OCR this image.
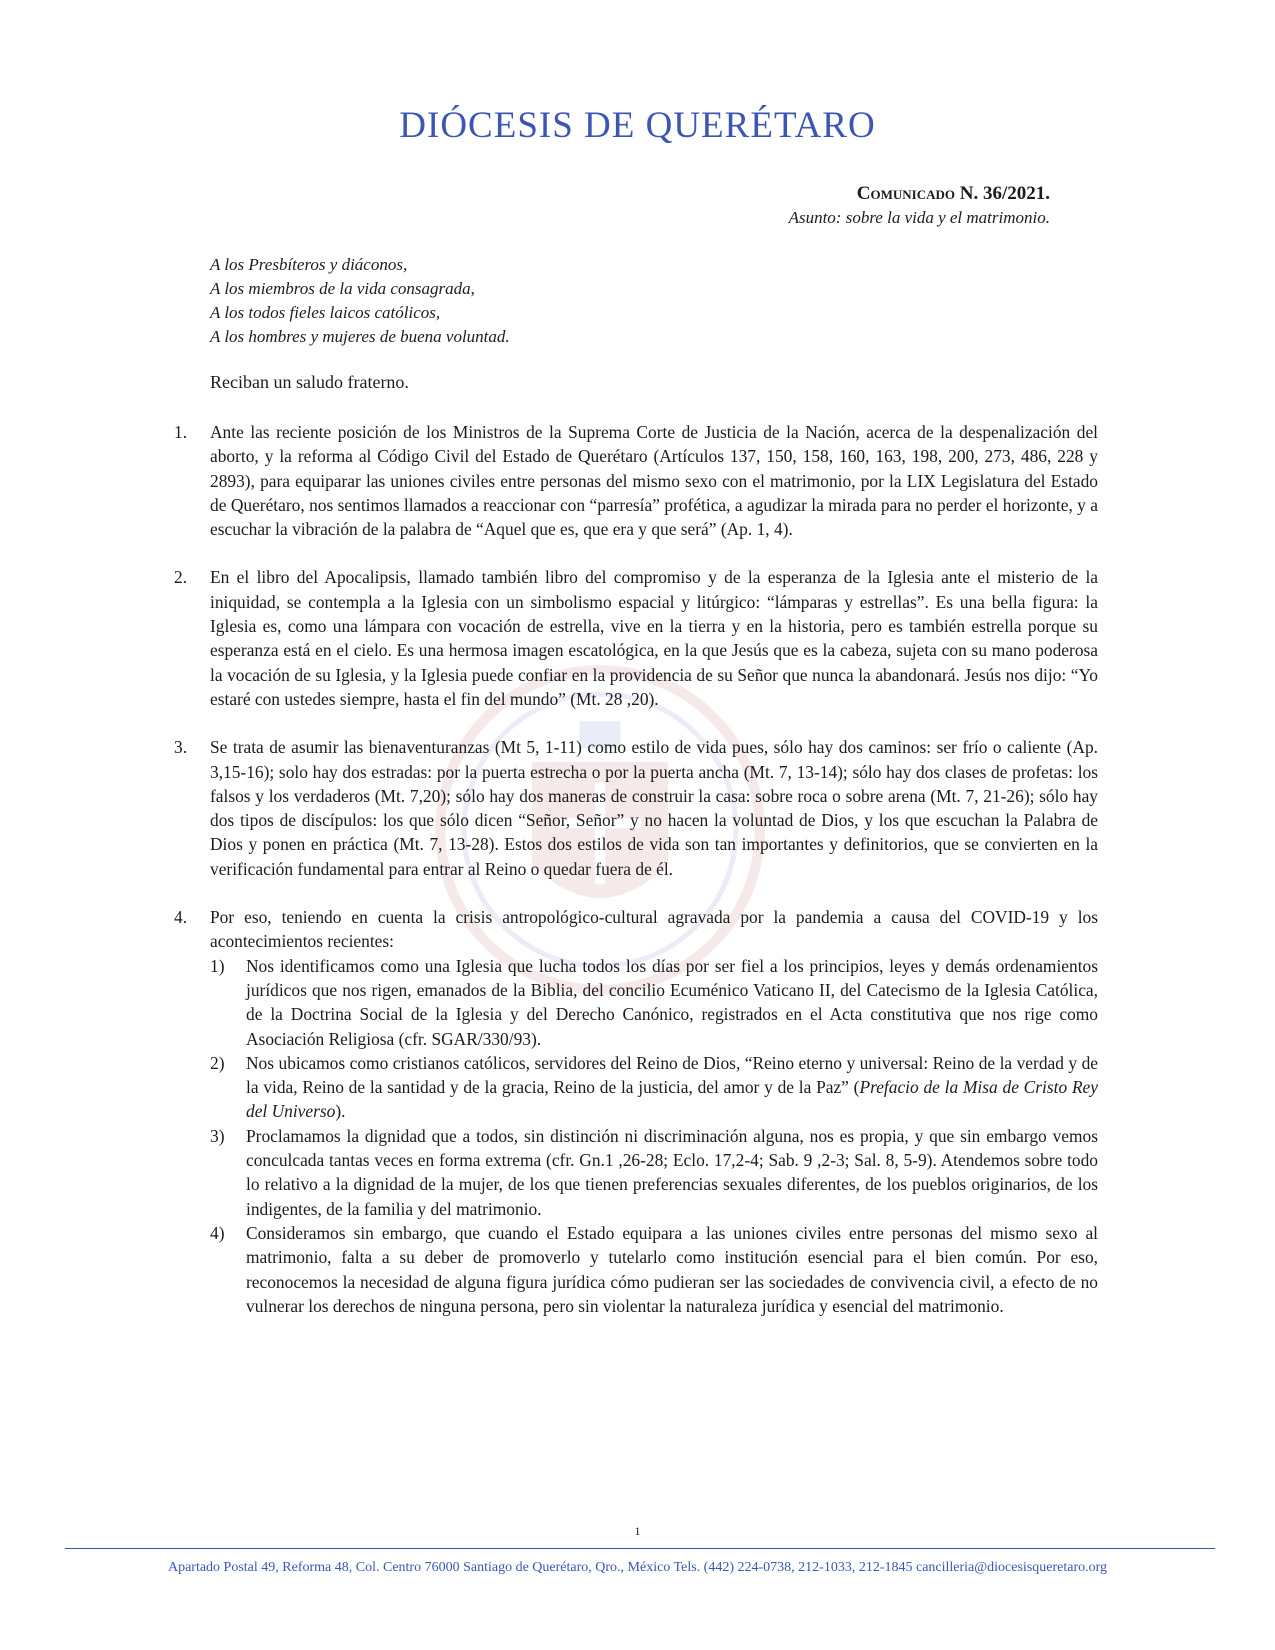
DIÓCESIS DE QUERÉTARO
Comunicado N. 36/2021.
Asunto: sobre la vida y el matrimonio.
A los Presbíteros y diáconos,
A los miembros de la vida consagrada,
A los todos fieles laicos católicos,
A los hombres y mujeres de buena voluntad.
Reciban un saludo fraterno.
1.	Ante las reciente posición de los Ministros de la Suprema Corte de Justicia de la Nación, acerca de la despenalización del aborto, y la reforma al Código Civil del Estado de Querétaro (Artículos 137, 150, 158, 160, 163, 198, 200, 273, 486, 228 y 2893), para equiparar las uniones civiles entre personas del mismo sexo con el matrimonio, por la LIX Legislatura del Estado de Querétaro, nos sentimos llamados a reaccionar con “parresía” profética, a agudizar la mirada para no perder el horizonte, y a escuchar la vibración de la palabra de “Aquel que es, que era y que será” (Ap. 1, 4).
2.	En el libro del Apocalipsis, llamado también libro del compromiso y de la esperanza de la Iglesia ante el misterio de la iniquidad, se contempla a la Iglesia con un simbolismo espacial y litúrgico: “lámparas y estrellas”. Es una bella figura: la Iglesia es, como una lámpara con vocación de estrella, vive en la tierra y en la historia, pero es también estrella porque su esperanza está en el cielo. Es una hermosa imagen escatológica, en la que Jesús que es la cabeza, sujeta con su mano poderosa la vocación de su Iglesia, y la Iglesia puede confiar en la providencia de su Señor que nunca la abandonará. Jesús nos dijo: “Yo estaré con ustedes siempre, hasta el fin del mundo” (Mt. 28 ,20).
3.	Se trata de asumir las bienaventuranzas (Mt 5, 1-11) como estilo de vida pues, sólo hay dos caminos: ser frío o caliente (Ap. 3,15-16); solo hay dos estradas: por la puerta estrecha o por la puerta ancha (Mt. 7, 13-14); sólo hay dos clases de profetas: los falsos y los verdaderos (Mt. 7,20); sólo hay dos maneras de construir la casa: sobre roca o sobre arena (Mt. 7, 21-26); sólo hay dos tipos de discípulos: los que sólo dicen “Señor, Señor” y no hacen la voluntad de Dios, y los que escuchan la Palabra de Dios y ponen en práctica (Mt. 7, 13-28). Estos dos estilos de vida son tan importantes y definitorios, que se convierten en la verificación fundamental para entrar al Reino o quedar fuera de él.
4.	Por eso, teniendo en cuenta la crisis antropológico-cultural agravada por la pandemia a causa del COVID-19 y los acontecimientos recientes:
1) Nos identificamos como una Iglesia que lucha todos los días por ser fiel a los principios, leyes y demás ordenamientos jurídicos que nos rigen, emanados de la Biblia, del concilio Ecuménico Vaticano II, del Catecismo de la Iglesia Católica, de la Doctrina Social de la Iglesia y del Derecho Canónico, registrados en el Acta constitutiva que nos rige como Asociación Religiosa (cfr. SGAR/330/93).
2) Nos ubicamos como cristianos católicos, servidores del Reino de Dios, “Reino eterno y universal: Reino de la verdad y de la vida, Reino de la santidad y de la gracia, Reino de la justicia, del amor y de la Paz” (Prefacio de la Misa de Cristo Rey del Universo).
3) Proclamamos la dignidad que a todos, sin distinción ni discriminación alguna, nos es propia, y que sin embargo vemos conculcada tantas veces en forma extrema (cfr. Gn.1 ,26-28; Eclo. 17,2-4; Sab. 9 ,2-3; Sal. 8, 5-9). Atendemos sobre todo lo relativo a la dignidad de la mujer, de los que tienen preferencias sexuales diferentes, de los pueblos originarios, de los indigentes, de la familia y del matrimonio.
4) Consideramos sin embargo, que cuando el Estado equipara a las uniones civiles entre personas del mismo sexo al matrimonio, falta a su deber de promoverlo y tutelarlo como institución esencial para el bien común. Por eso, reconocemos la necesidad de alguna figura jurídica cómo pudieran ser las sociedades de convivencia civil, a efecto de no vulnerar los derechos de ninguna persona, pero sin violentar la naturaleza jurídica y esencial del matrimonio.
1
Apartado Postal 49, Reforma 48, Col. Centro 76000 Santiago de Querétaro, Qro., México Tels. (442) 224-0738, 212-1033, 212-1845 cancilleria@diocesisqueretaro.org
